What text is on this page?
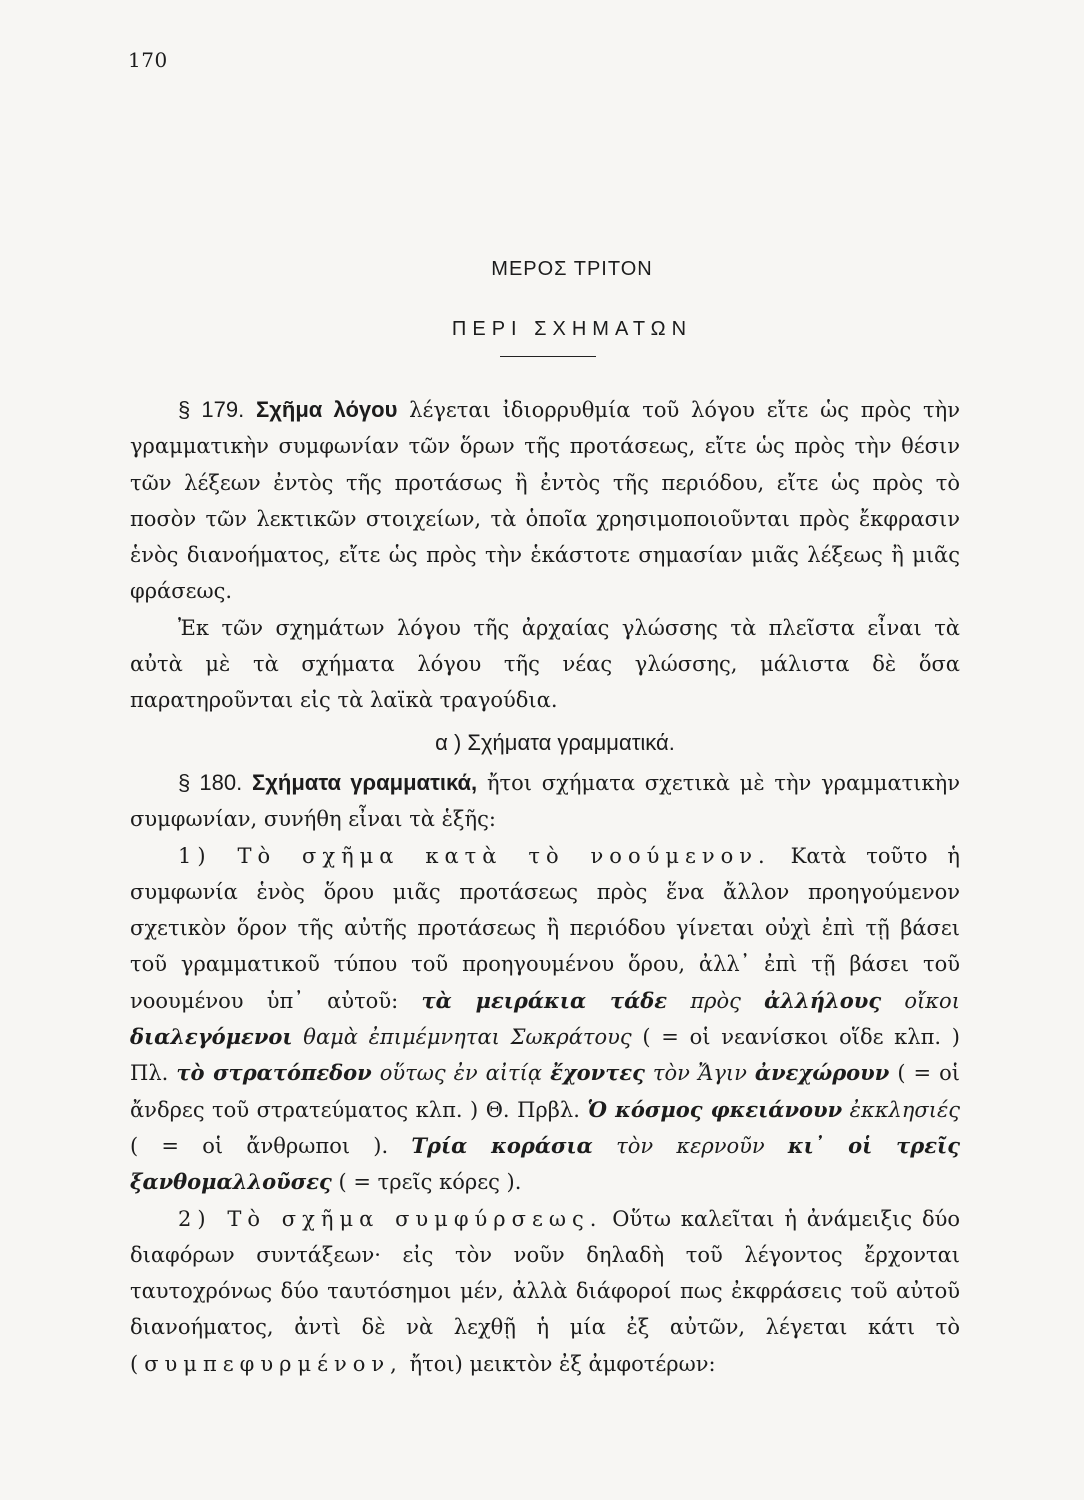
170
ΜΕΡΟΣ ΤΡΙΤΟΝ
ΠΕΡΙ ΣΧΗΜΑΤΩΝ

§ 179. Σχῆμα λόγου λέγεται ἰδιορρυθμία τοῦ λόγου εἴτε ὡς πρὸς τὴν γραμματικὴν συμφωνίαν τῶν ὅρων τῆς προτάσεως, εἴτε ὡς πρὸς τὴν θέσιν τῶν λέξεων ἐντὸς τῆς προτάσως ἢ ἐντὸς τῆς περιόδου, εἴτε ὡς πρὸς τὸ ποσὸν τῶν λεκτικῶν στοιχείων, τὰ ὁποῖα χρησιμοποιοῦνται πρὸς ἔκφρασιν ἑνὸς διανοήματος, εἴτε ὡς πρὸς τὴν ἑκάστοτε σημασίαν μιᾶς λέξεως ἢ μιᾶς φράσεως.

Ἐκ τῶν σχημάτων λόγου τῆς ἀρχαίας γλώσσης τὰ πλεῖστα εἶναι τὰ αὐτὰ μὲ τὰ σχήματα λόγου τῆς νέας γλώσσης, μάλιστα δὲ ὅσα παρατηροῦνται εἰς τὰ λαϊκὰ τραγούδια.

α ) Σχήματα γραμματικά.

§ 180. Σχήματα γραμματικά, ἤτοι σχήματα σχετικὰ μὲ τὴν γραμματικὴν συμφωνίαν, συνήθη εἶναι τὰ ἑξῆς:

1) Τὸ σχῆμα κατὰ τὸ νοούμενον. Κατὰ τοῦτο ἡ συμφωνία ἑνὸς ὅρου μιᾶς προτάσεως πρὸς ἕνα ἄλλον προηγούμενον σχετικὸν ὅρον τῆς αὐτῆς προτάσεως ἢ περιόδου γίνεται οὐχὶ ἐπὶ τῇ βάσει τοῦ γραμματικοῦ τύπου τοῦ προηγουμένου ὅρου, ἀλλ᾽ ἐπὶ τῇ βάσει τοῦ νοουμένου ὑπ᾽ αὐτοῦ: τὰ μειράκια τάδε πρὸς ἀλλήλους οἴκοι διαλεγόμενοι θαμὰ ἐπιμέμνηται Σωκράτους ( = οἱ νεανίσκοι οἵδε κλπ. ) Πλ. τὸ στρατόπεδον οὕτως ἐν αἰτίᾳ ἔχοντες τὸν Ἄγιν ἀνεχώρουν ( = οἱ ἄνδρες τοῦ στρατεύματος κλπ. ) Θ. Πρβλ. Ὁ κόσμος φκειάνουν ἐκκλησιές ( = οἱ ἄνθρωποι ). Τρία κοράσια τὸν κερνοῦν κι᾽ οἱ τρεῖς ξανθομαλλοῦσες ( = τρεῖς κόρες ).

2) Τὸ σχῆμα συμφύρσεως. Οὕτω καλεῖται ἡ ἀνάμειξις δύο διαφόρων συντάξεων· εἰς τὸν νοῦν δηλαδὴ τοῦ λέγοντος ἔρχονται ταυτοχρόνως δύο ταυτόσημοι μέν, ἀλλὰ διάφοροί πως ἐκφράσεις τοῦ αὐτοῦ διανοήματος, ἀντὶ δὲ νὰ λεχθῇ ἡ μία ἐξ αὐτῶν, λέγεται κάτι τὸ (συμπεφυρμένον, ἤτοι) μεικτὸν ἐξ ἀμφοτέρων:
